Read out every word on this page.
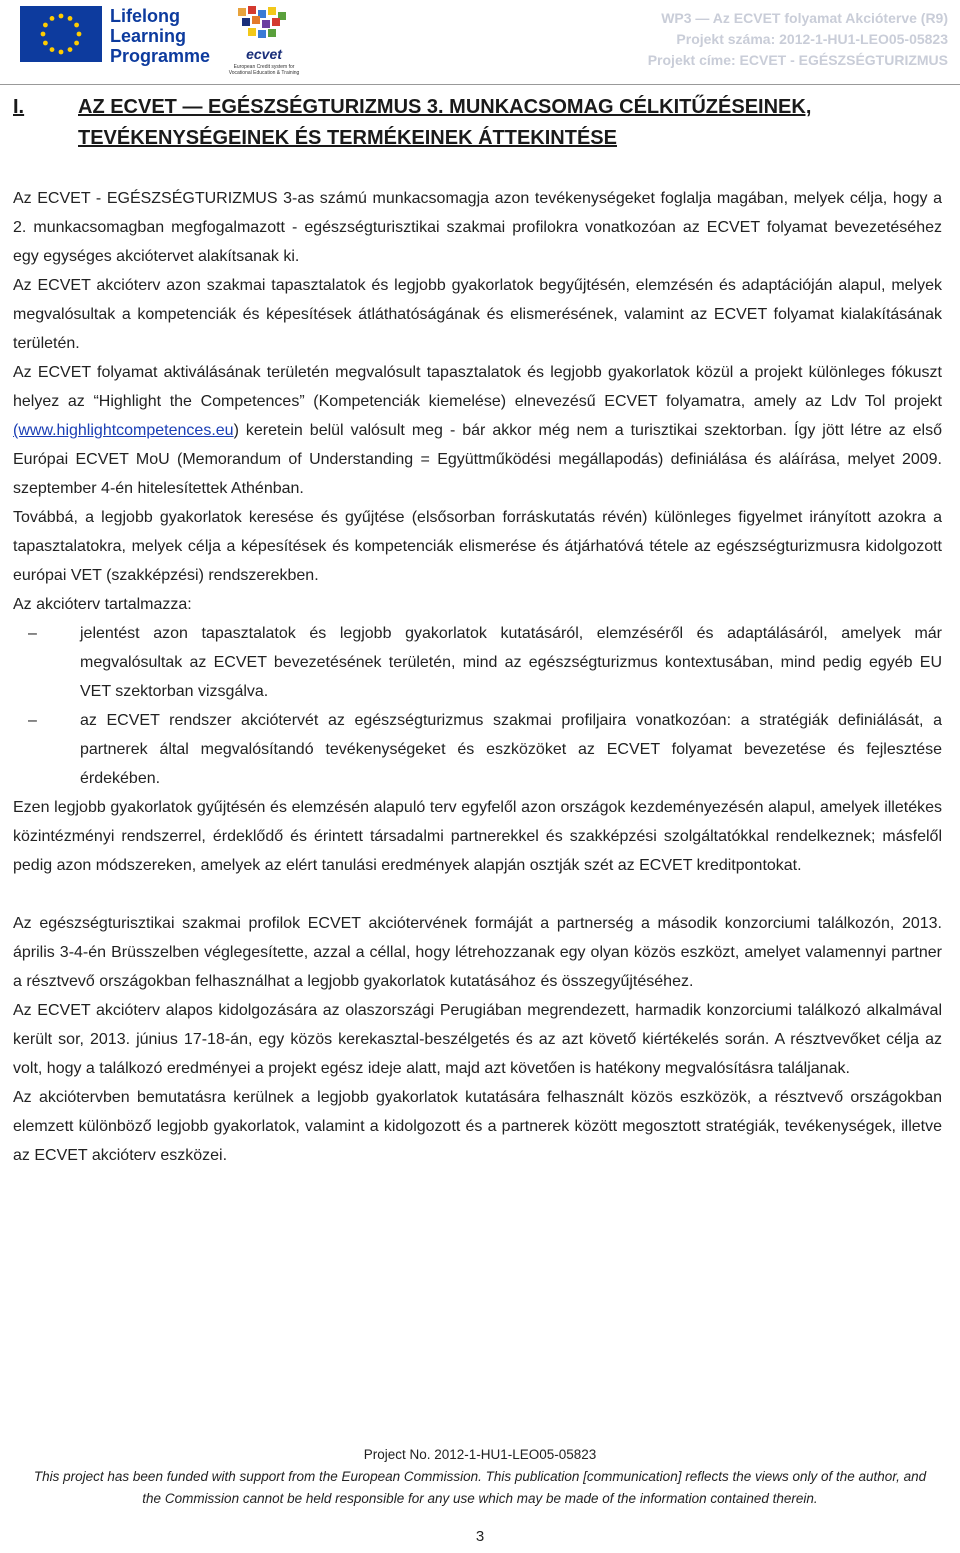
Lifelong
Learning
Programme	ecvet
European Credit system for Vocational Education & Training
WP3 — Az ECVET folyamat Akcióterve (R9)
Projekt száma: 2012-1-HU1-LEO05-05823
Projekt címe: ECVET - EGÉSZSÉGTURIZMUS
I.	AZ ECVET — EGÉSZSÉGTURIZMUS 3. MUNKACSOMAG CÉLKITŰZÉSEINEK, TEVÉKENYSÉGEINEK ÉS TERMÉKEINEK ÁTTEKINTÉSE

Az ECVET - EGÉSZSÉGTURIZMUS 3-as számú munkacsomagja azon tevékenységeket foglalja magában, melyek célja, hogy a 2. munkacsomagban megfogalmazott - egészségturisztikai szakmai profilokra vonatkozóan az ECVET folyamat bevezetéséhez egy egységes akciótervet alakítsanak ki.

Az ECVET akcióterv azon szakmai tapasztalatok és legjobb gyakorlatok begyűjtésén, elemzésén és adaptációján alapul, melyek megvalósultak a kompetenciák és képesítések átláthatóságának és elismerésének, valamint az ECVET folyamat kialakításának területén.

Az ECVET folyamat aktiválásának területén megvalósult tapasztalatok és legjobb gyakorlatok közül a projekt különleges fókuszt helyez az “Highlight the Competences” (Kompetenciák kiemelése) elnevezésű ECVET folyamatra, amely az Ldv Tol projekt (www.highlightcompetences.eu) keretein belül valósult meg - bár akkor még nem a turisztikai szektorban. Így jött létre az első Európai ECVET MoU (Memorandum of Understanding = Együttműködési megállapodás) definiálása és aláírása, melyet 2009. szeptember 4-én hitelesítettek Athénban.

Továbbá, a legjobb gyakorlatok keresése és gyűjtése (elsősorban forráskutatás révén) különleges figyelmet irányított azokra a tapasztalatokra, melyek célja a képesítések és kompetenciák elismerése és átjárhatóvá tétele az egészségturizmusra kidolgozott európai VET (szakképzési) rendszerekben.

Az akcióterv tartalmazza:

– jelentést azon tapasztalatok és legjobb gyakorlatok kutatásáról, elemzéséről és adaptálásáról, amelyek már megvalósultak az ECVET bevezetésének területén, mind az egészségturizmus kontextusában, mind pedig egyéb EU VET szektorban vizsgálva.
– az ECVET rendszer akciótervét az egészségturizmus szakmai profiljaira vonatkozóan: a stratégiák definiálását, a partnerek által megvalósítandó tevékenységeket és eszközöket az ECVET folyamat bevezetése és fejlesztése érdekében.

Ezen legjobb gyakorlatok gyűjtésén és elemzésén alapuló terv egyfelől azon országok kezdeményezésén alapul, amelyek illetékes közintézményi rendszerrel, érdeklődő és érintett társadalmi partnerekkel és szakképzési szolgáltatókkal rendelkeznek; másfelől pedig azon módszereken, amelyek az elért tanulási eredmények alapján osztják szét az ECVET kreditpontokat.

Az egészségturisztikai szakmai profilok ECVET akciótervének formáját a partnerség a második konzorciumi találkozón, 2013. április 3-4-én Brüsszelben véglegesítette, azzal a céllal, hogy létrehozzanak egy olyan közös eszközt, amelyet valamennyi partner a résztvevő országokban felhasználhat a legjobb gyakorlatok kutatásához és összegyűjtéséhez.

Az ECVET akcióterv alapos kidolgozására az olaszországi Perugiában megrendezett, harmadik konzorciumi találkozó alkalmával került sor, 2013. június 17-18-án, egy közös kerekasztal-beszélgetés és az azt követő kiértékelés során. A résztvevőket célja az volt, hogy a találkozó eredményei a projekt egész ideje alatt, majd azt követően is hatékony megvalósításra találjanak.

Az akciótervben bemutatásra kerülnek a legjobb gyakorlatok kutatására felhasznált közös eszközök, a résztvevő országokban elemzett különböző legjobb gyakorlatok, valamint a kidolgozott és a partnerek között megosztott stratégiák, tevékenységek, illetve az ECVET akcióterv eszközei.

Project No. 2012-1-HU1-LEO05-05823
This project has been funded with support from the European Commission. This publication [communication] reflects the views only of the author, and
the Commission cannot be held responsible for any use which may be made of the information contained therein.
3
